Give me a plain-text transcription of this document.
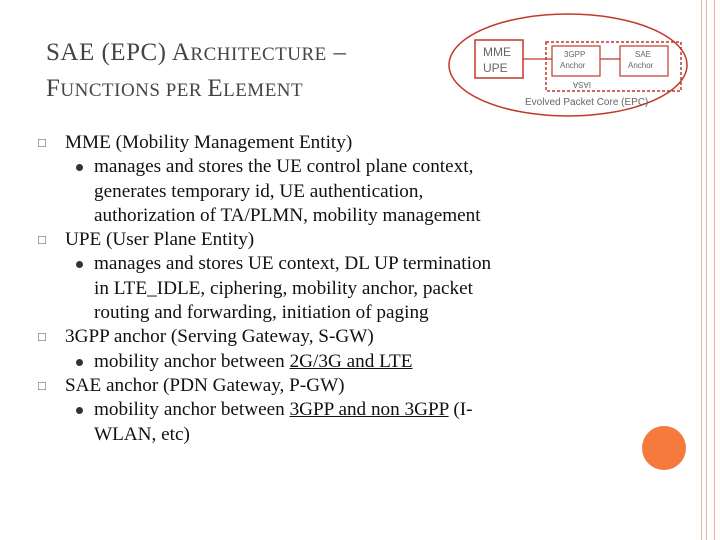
SAE (EPC) ARCHITECTURE –
FUNCTIONS PER ELEMENT
MME
UPE
3GPP
Anchor
SAE
Anchor
IASA
Evolved Packet Core (EPC)
□ MME (Mobility Management Entity)
manages and stores the UE control plane context,
generates temporary id, UE authentication,
authorization of TA/PLMN, mobility management
□ UPE (User Plane Entity)
manages and stores UE context, DL UP termination
in LTE_IDLE, ciphering, mobility anchor, packet
routing and forwarding, initiation of paging
□ 3GPP anchor (Serving Gateway, S-GW)
mobility anchor between 2G/3G and LTE
□ SAE anchor (PDN Gateway, P-GW)
mobility anchor between 3GPP and non 3GPP (I-
WLAN, etc)
